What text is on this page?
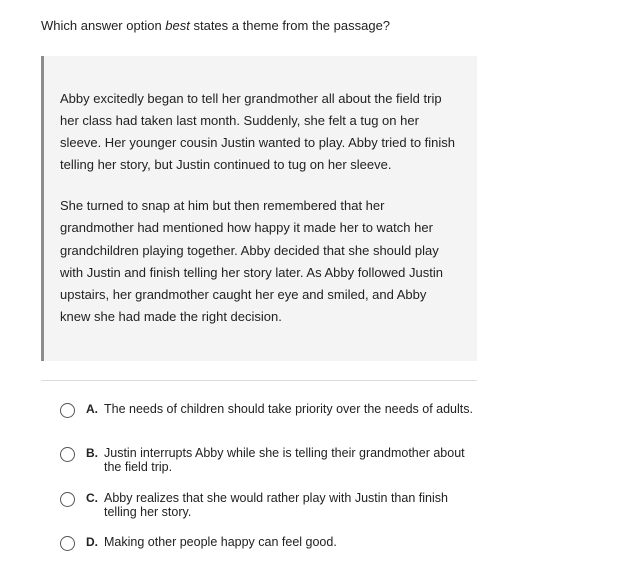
Which answer option best states a theme from the passage?

Abby excitedly began to tell her grandmother all about the field trip her class had taken last month. Suddenly, she felt a tug on her sleeve. Her younger cousin Justin wanted to play. Abby tried to finish telling her story, but Justin continued to tug on her sleeve.

She turned to snap at him but then remembered that her grandmother had mentioned how happy it made her to watch her grandchildren playing together. Abby decided that she should play with Justin and finish telling her story later. As Abby followed Justin upstairs, her grandmother caught her eye and smiled, and Abby knew she had made the right decision.

A. The needs of children should take priority over the needs of adults.
B. Justin interrupts Abby while she is telling their grandmother about the field trip.
C. Abby realizes that she would rather play with Justin than finish telling her story.
D. Making other people happy can feel good.
